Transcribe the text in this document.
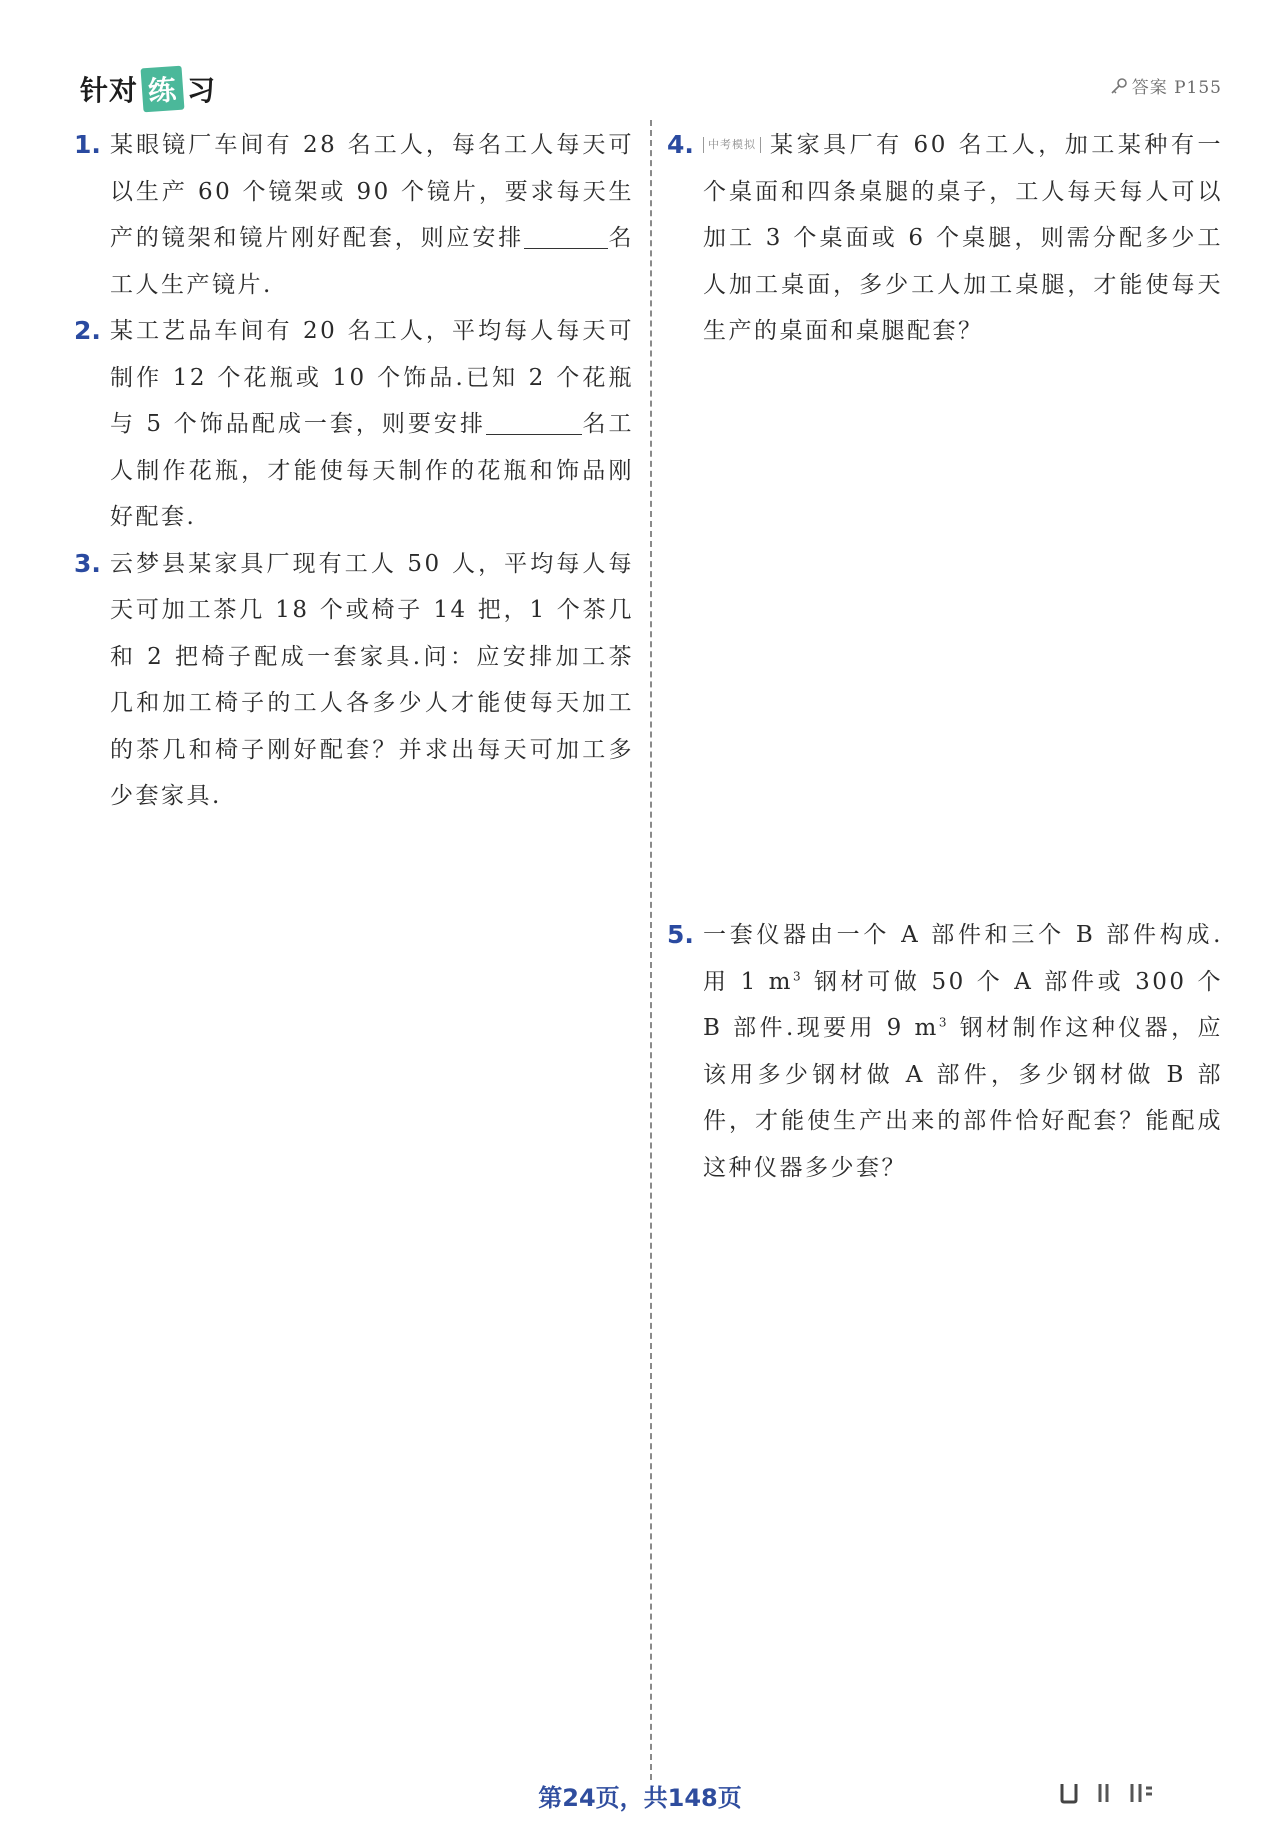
针对 练 习	答案 P155
1. 某眼镜厂车间有 28 名工人，每名工人每天可以生产 60 个镜架或 90 个镜片，要求每天生产的镜架和镜片刚好配套，则应安排	名工人生产镜片.
2. 某工艺品车间有 20 名工人，平均每人每天可制作 12 个花瓶或 10 个饰品.已知 2 个花瓶与 5 个饰品配成一套，则要安排	名工人制作花瓶，才能使每天制作的花瓶和饰品刚好配套.
3. 云梦县某家具厂现有工人 50 人，平均每人每天可加工茶几 18 个或椅子 14 把，1 个茶几和 2 把椅子配成一套家具.问：应安排加工茶几和加工椅子的工人各多少人才能使每天加工的茶几和椅子刚好配套？并求出每天可加工多少套家具.
4.	中考模拟 某家具厂有 60 名工人，加工某种有一个桌面和四条桌腿的桌子，工人每天每人可以加工 3 个桌面或 6 个桌腿，则需分配多少工人加工桌面，多少工人加工桌腿，才能使每天生产的桌面和桌腿配套？
5. 一套仪器由一个 A 部件和三个 B 部件构成.用 1 $m^3$ 钢材可做 50 个 A 部件或 300 个 B 部件.现要用 9 $m^3$ 钢材制作这种仪器，应该用多少钢材做 A 部件，多少钢材做 B 部件，才能使生产出来的部件恰好配套？能配成这种仪器多少套？
第24页，共148页
